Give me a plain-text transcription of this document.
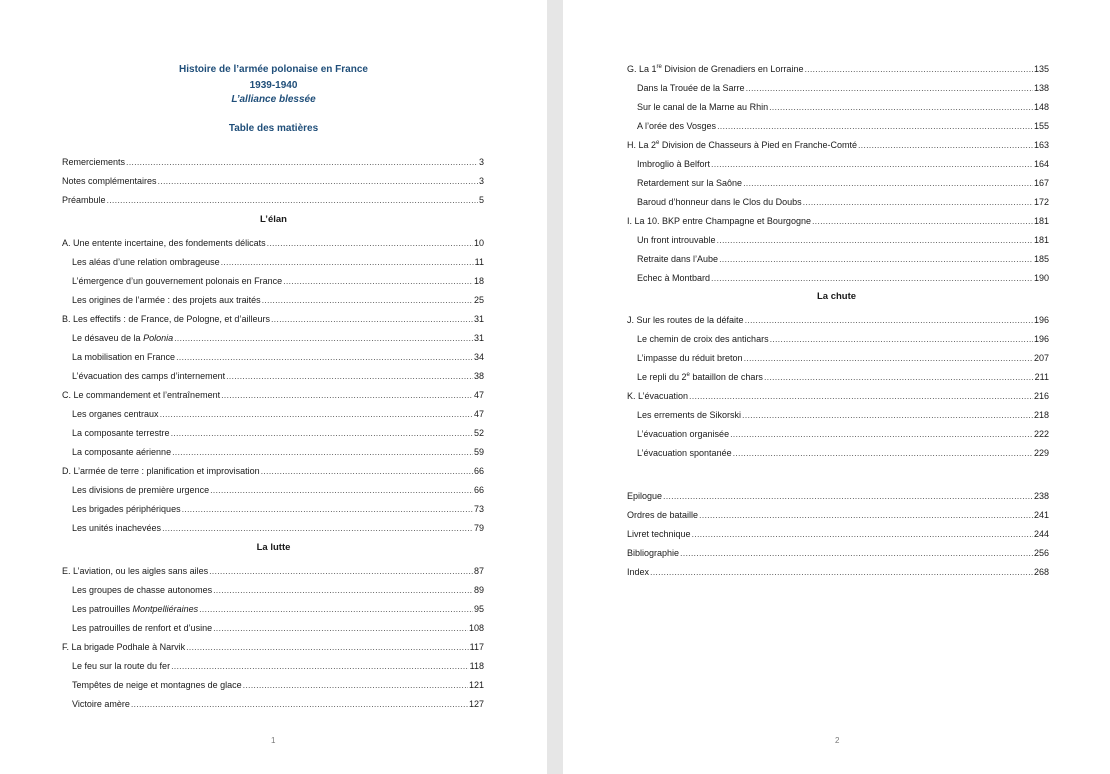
Histoire de l’armée polonaise en France
1939-1940
L’alliance blessée
Table des matières
Remerciements .....	3
Notes complémentaires .....	3
Préambule .....	5
L’élan
A. Une entente incertaine, des fondements délicats .....	10
Les aléas d’une relation ombrageuse .....	11
L’émergence d’un gouvernement polonais en France .....	18
Les origines de l’armée : des projets aux traités .....	25
B. Les effectifs : de France, de Pologne, et d’ailleurs .....	31
Le désaveu de la Polonia .....	31
La mobilisation en France .....	34
L’évacuation des camps d’internement .....	38
C. Le commandement et l’entraînement .....	47
Les organes centraux .....	47
La composante terrestre .....	52
La composante aérienne .....	59
D. L’armée de terre : planification et improvisation .....	66
Les divisions de première urgence .....	66
Les brigades périphériques .....	73
Les unités inachevées .....	79
La lutte
E. L’aviation, ou les aigles sans ailes .....	87
Les groupes de chasse autonomes .....	89
Les patrouilles Montpelliéraines .....	95
Les patrouilles de renfort et d’usine .....	108
F. La brigade Podhale à Narvik .....	117
Le feu sur la route du fer .....	118
Tempêtes de neige et montagnes de glace .....	121
Victoire amère .....	127
1
G. La 1re Division de Grenadiers en Lorraine .....	135
Dans la Trouée de la Sarre .....	138
Sur le canal de la Marne au Rhin .....	148
A l’orée des Vosges .....	155
H. La 2e Division de Chasseurs à Pied en Franche-Comté .....	163
Imbroglio à Belfort .....	164
Retardement sur la Saône .....	167
Baroud d’honneur dans le Clos du Doubs .....	172
I. La 10. BKP entre Champagne et Bourgogne .....	181
Un front introuvable .....	181
Retraite dans l’Aube .....	185
Echec à Montbard .....	190
La chute
J. Sur les routes de la défaite .....	196
Le chemin de croix des antichars .....	196
L’impasse du réduit breton .....	207
Le repli du 2e bataillon de chars .....	211
K. L’évacuation .....	216
Les errements de Sikorski .....	218
L’évacuation organisée .....	222
L’évacuation spontanée .....	229
Epilogue .....	238
Ordres de bataille .....	241
Livret technique .....	244
Bibliographie .....	256
Index .....	268
2
